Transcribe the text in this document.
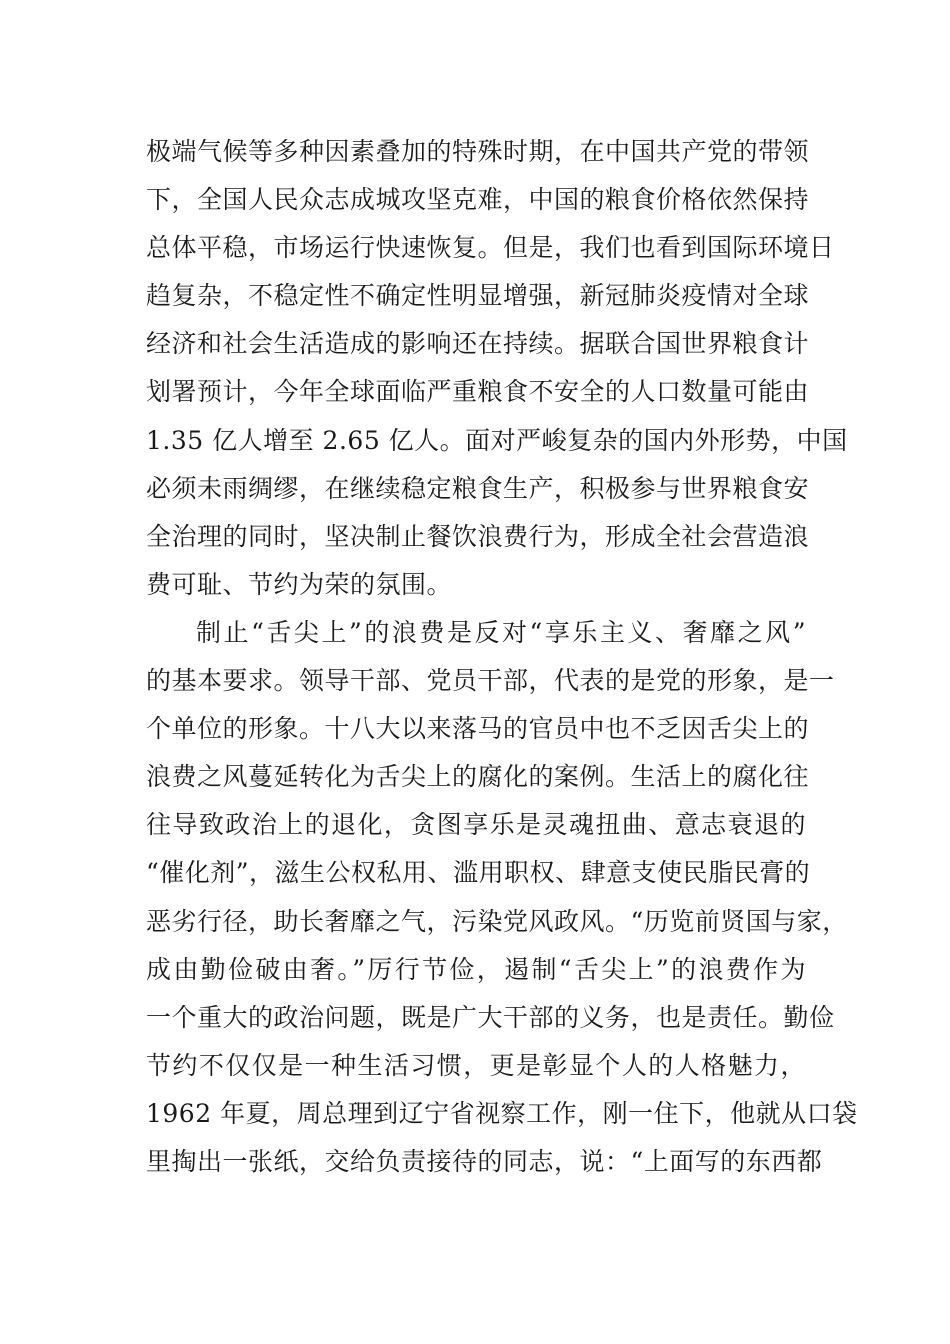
极端气候等多种因素叠加的特殊时期，在中国共产党的带领
下，全国人民众志成城攻坚克难，中国的粮食价格依然保持
总体平稳，市场运行快速恢复。但是，我们也看到国际环境日
趋复杂，不稳定性不确定性明显增强，新冠肺炎疫情对全球
经济和社会生活造成的影响还在持续。据联合国世界粮食计
划署预计，今年全球面临严重粮食不安全的人口数量可能由
1.35 亿人增至 2.65 亿人。面对严峻复杂的国内外形势，中国
必须未雨绸缪，在继续稳定粮食生产，积极参与世界粮食安
全治理的同时，坚决制止餐饮浪费行为，形成全社会营造浪
费可耻、节约为荣的氛围。
制止“舌尖上”的浪费是反对“享乐主义、奢靡之风”
的基本要求。领导干部、党员干部，代表的是党的形象，是一
个单位的形象。十八大以来落马的官员中也不乏因舌尖上的
浪费之风蔓延转化为舌尖上的腐化的案例。生活上的腐化往
往导致政治上的退化，贪图享乐是灵魂扭曲、意志衰退的
“催化剂”，滋生公权私用、滥用职权、肆意支使民脂民膏的
恶劣行径，助长奢靡之气，污染党风政风。“历览前贤国与家，
成由勤俭破由奢。”厉行节俭，遏制“舌尖上”的浪费作为
一个重大的政治问题，既是广大干部的义务，也是责任。勤俭
节约不仅仅是一种生活习惯，更是彰显个人的人格魅力，
1962 年夏，周总理到辽宁省视察工作，刚一住下，他就从口袋
里掏出一张纸，交给负责接待的同志，说：“上面写的东西都
